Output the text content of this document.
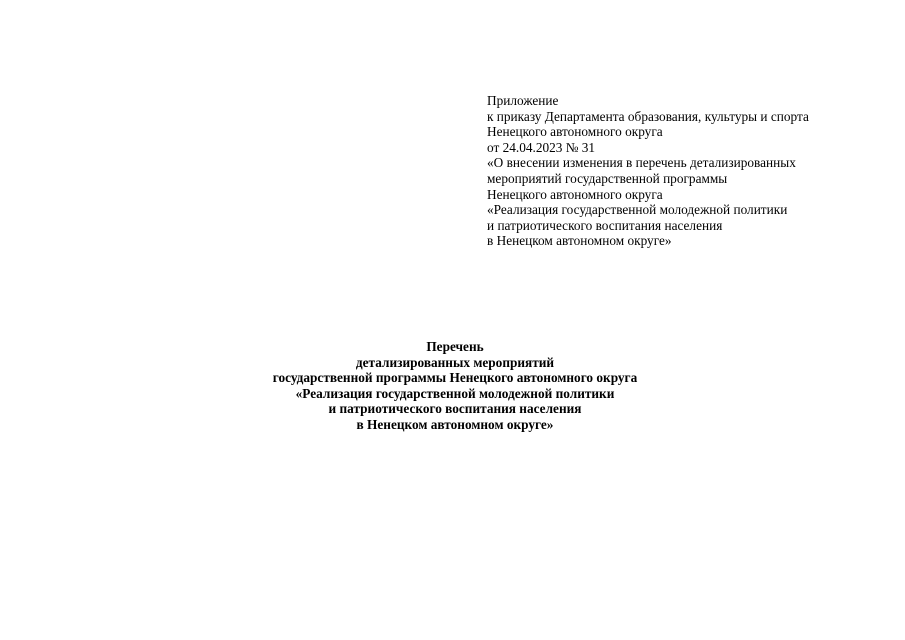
Приложение
к приказу Департамента образования, культуры и спорта
Ненецкого автономного округа
от 24.04.2023 № 31
«О внесении изменения в перечень детализированных
мероприятий государственной программы
Ненецкого автономного округа
«Реализация государственной молодежной политики
и патриотического воспитания населения
в Ненецком автономном округе»
Перечень
детализированных мероприятий
государственной программы Ненецкого автономного округа
«Реализация государственной молодежной политики
и патриотического воспитания населения
в Ненецком автономном округе»
